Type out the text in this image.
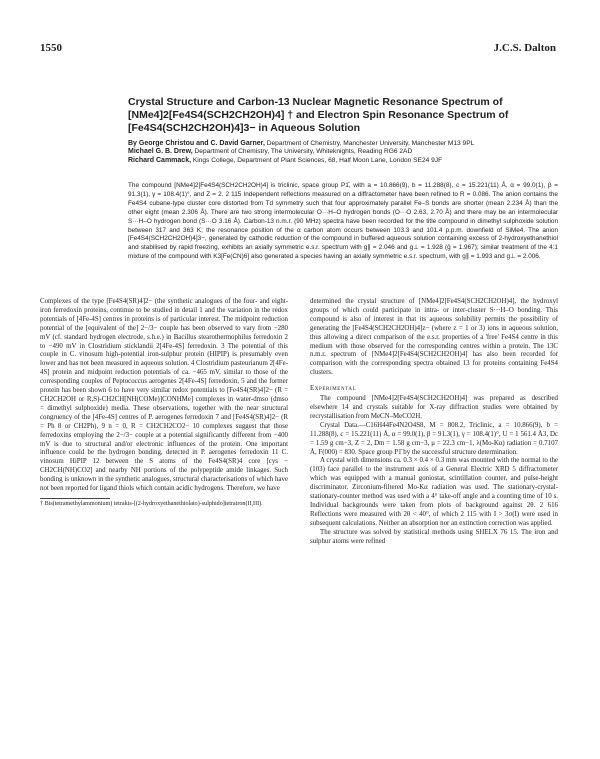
1550	J.C.S. Dalton
Crystal Structure and Carbon-13 Nuclear Magnetic Resonance Spectrum of [NMe4]2[Fe4S4(SCH2CH2OH)4] † and Electron Spin Resonance Spectrum of [Fe4S4(SCH2CH2OH)4]3− in Aqueous Solution
By George Christou and C. David Garner, Department of Chemistry, Manchester University, Manchester M13 9PL
Michael G. B. Drew, Department of Chemistry, The University, Whiteknights, Reading RG6 2AD
Richard Cammack, Kings College, Department of Plant Sciences, 68, Half Moon Lane, London SE24 9JF

The compound [NMe4]2[Fe4S4(SCH2CH2OH)4] is triclinic, space group P1̄, with a = 10.866(9), b = 11.288(8), c = 15.221(11) Å, α = 99.0(1), β = 91.3(1), γ = 108.4(1)°, and Z = 2. 2 115 Independent reflections measured on a diffractometer have been refined to R = 0.086. The anion contains the Fe4S4 cubane-type cluster core distorted from Td symmetry such that four approximately parallel Fe–S bonds are shorter (mean 2.234 Å) than the other eight (mean 2.306 Å). There are two strong intermolecular O···H–O hydrogen bonds (O···O 2.63, 2.70 Å) and there may be an intermolecular S···H–O hydrogen bond (S···O 3.16 Å). Carbon-13 n.m.r. (90 MHz) spectra have been recorded for the title compound in dimethyl sulphoxide solution between 317 and 363 K; the resonance position of the α carbon atom occurs between 103.3 and 101.4 p.p.m. downfield of SiMe4. The anion [Fe4S4(SCH2CH2OH)4]3−, generated by cathodic reduction of the compound in buffered aqueous solution containing excess of 2-hydroxyethanethiol and stabilised by rapid freezing, exhibits an axially symmetric e.s.r. spectrum with g∥ = 2.046 and g⊥ = 1.928 (ḡ = 1.967); similar treatment of the 4:1 mixture of the compound with K3[Fe(CN)6] also generated a species having an axially symmetric e.s.r. spectrum, with g∥ = 1.993 and g⊥ = 2.006.

Complexes of the type [Fe4S4(SR)4]2− (the synthetic analogues of the four- and eight-iron ferredoxin proteins, continue to be studied in detail 1 and the variation in the redox potentials of [4Fe-4S] centres in proteins is of particular interest. The midpoint reduction potential of the [equivalent of the] 2−/3− couple has been observed to vary from −280 mV (cf. standard hydrogen electrode, s.h.e.) in Bacillus stearothermophilus ferredoxin 2 to −490 mV in Clostridium sticklandii 2[4Fe-4S] ferredoxin. 3 The potential of this couple in C. vinosum high-potential iron-sulphur protein (HIPIP) is presumably even lower and has not been measured in aqueous solution. 4 Clostridium pasteurianum 2[4Fe-4S] protein and midpoint reduction potentials of ca. −465 mV, similar to those of the corresponding couples of Peptococcus aerogenes 2[4Fe-4S] ferredoxin, 5 and the former protein has been shown 6 to have very similar redox potentials to [Fe4S4(SR)4]2− (R = CH2CH2OH or R,S)-CH2CH[NH(COMe)]CONHMe] complexes in water-dmso (dmso = dimethyl sulphoxide) media. These observations, together with the near structural congruency of the [4Fe-4S] centres of P. aerogenes ferredoxin 7 and [Fe4S4(SR)4]2− (R = Ph 8 or CH2Ph), 9 n = 0, R = CH2CH2CO2− 10 complexes suggest that those ferredoxins employing the 2−/3− couple at a potential significantly different from −400 mV is due to structural and/or electronic influences of the protein. One important influence could be the hydrogen bonding, detected in P. aerogenes ferredoxin 11 C. vinosum HiPIP 12 between the S atoms of the Fe4S4(SR)4 core [cys − CH2CH(NH)CO2] and nearby NH portions of the polypeptide amide linkages. Such bonding is unknown in the synthetic analogues, structural characterisations of which have not been reported for ligand thiols which contain acidic hydrogens. Therefore, we have

† Bis(tetramethylammonium) tetrakis-[(2-hydroxyethanethiolato)-sulphido]tetrairon(II,III).

determined the crystal structure of [NMe4]2[Fe4S4(SCH2CH2OH)4], the hydroxyl groups of which could participate in intra- or inter-cluster S···H–O bonding. This compound is also of interest in that its aqueous solubility permits the possibility of generating the [Fe4S4(SCH2CH2OH)4]z− (where z = 1 or 3) ions in aqueous solution, thus allowing a direct comparison of the e.s.r. properties of a 'free' Fe4S4 centre in this medium with those observed for the corresponding centres within a protein. The 13C n.m.r. spectrum of [NMe4]2[Fe4S4(SCH2CH2OH)4] has also been recorded for comparison with the corresponding spectra obtained 13 for proteins containing Fe4S4 clusters.

Experimental

The compound [NMe4]2[Fe4S4(SCH2CH2OH)4] was prepared as described elsewhere 14 and crystals suitable for X-ray diffraction studies were obtained by recrystallisation from MeCN–MeCO2H.

Crystal Data.—C16H44Fe4N2O4S8, M = 808.2, Triclinic, a = 10.866(9), b = 11.288(8), c = 15.221(11) Å, α = 99.0(1), β = 91.3(1), γ = 108.4(1)°, U = 1 561.4 Å3, Dc = 1.59 g cm−3, Z = 2, Dm = 1.58 g cm−3, μ = 22.3 cm−1, λ(Mo-Kα) radiation = 0.7107 Å, F(000) = 830. Space group P1̄ by the successful structure determination.

A crystal with dimensions ca. 0.3 × 0.4 × 0.3 mm was mounted with the normal to the (103) face parallel to the instrument axis of a General Electric XRD 5 diffractometer which was equipped with a manual goniostat, scintillation counter, and pulse-height discriminator. Zirconium-filtered Mo-Kα radiation was used. The stationary-crystal-stationary-counter method was used with a 4° take-off angle and a counting time of 10 s. Individual backgrounds were taken from plots of background against 2θ. 2 616 Reflections were measured with 2θ < 40°, of which 2 115 with I > 3σ(I) were used in subsequent calculations. Neither an absorption nor an extinction correction was applied.

The structure was solved by statistical methods using SHELX 76 15. The iron and sulphur atoms were refined
